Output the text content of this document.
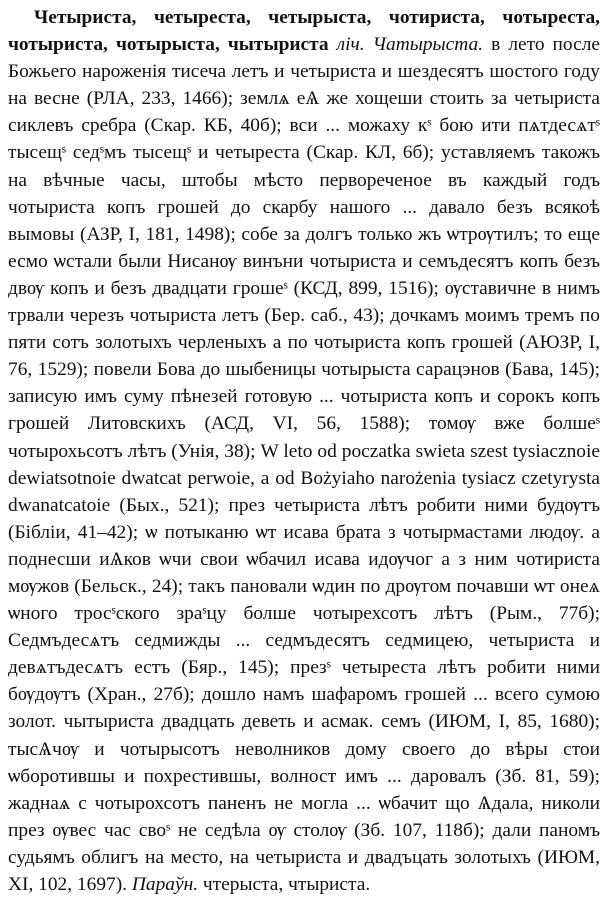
Четыриста, четыреста, четырыста, чотириста, чотыреста, чотыриста, чотырыста, чытыриста ліч. Чатырыста. в лето после Божьего нароженія тисеча летъ и четыриста и шездесятъ шостого году на весне (РЛА, 233, 1466); землѧ еѦ же хощеши стоить за четыриста сиклевъ сребра (Скар. КБ, 40б); вси ... можаху кˢ бою ити пѧтдесѧтˢ тысещˢ седˢмъ тысещˢ и четыреста (Скар. КЛ, 6б); уставляемъ такожъ на вѣчные часы, штобы мѣсто первореченое въ каждый годъ чотыриста копъ грошей до скарбу нашого ... давало безъ всякоѣ вымовы (АЗР, I, 181, 1498); собе за долгъ только жъ ѡтрѹтилъ; то еще есмо ѡстали были Нисанѹ винъни чотыриста и семъдесятъ копъ безъ двѹ копъ и безъ двадцати грошеˢ (КСД, 899, 1516); ѹставичне в нимъ трвали черезъ чотыриста летъ (Бер. саб., 43); дочкамъ моимъ тремъ по пяти сотъ золотыхъ черленыхъ а по чотыриста копъ грошей (АЮЗР, I, 76, 1529); повели Бова до шыбеницы чотырыста сарацэнов (Бава, 145); записую имъ суму пѣнезей готовую ... чотыриста копъ и сорокъ копъ грошей Литовскихъ (АСД, VI, 56, 1588); томѹ вже болшеˢ чотырохьсотъ лѣтъ (Унія, 38); W leto od poczatka swieta szest tysiacznoie dewiatsotnoie dwatcat perwoie, a od Bożyiaho narożenia tysiacz czetyrysta dwanatcatoie (Бых., 521); през четыриста лѣтъ робити ними будѹтъ (Бібліи, 41–42); ѡ потыканю ѡт исава брата з чотырмастами людѹ. а поднесши иѦков ѡчи свои ѡбачил исава идѹчог а з ним чотириста мѹжов (Бельск., 24); такъ пановали ѡдин по дрѹгом почавши ѡт онеѧ ѡного тросˢского зрaˢцу болше чотырехсотъ лѣтъ (Рым., 77б); Седмъдесѧтъ седмижды ... седмъдесятъ седмицею, четыриста и девѧтъдесѧтъ естъ (Бяр., 145); презˢ четыреста лѣтъ робити ними бѹдѹтъ (Хран., 27б); дошло намъ шафаромъ грошей ... всего сумою золот. чытыриста двадцать деветь и асмак. семъ (ИЮМ, I, 85, 1680); тысѦчѹ и чотырысотъ неволников дому своего до вѣры стои ѡборотившы и похрестившы, волност имъ ... даровалъ (Зб. 81, 59); жаднаѧ с чотырохсотъ паненъ не могла ... ѡбачит що Ѧдала, николи през ѹвес час своˢ не седѣла ѹ столѹ (Зб. 107, 118б); дали паномъ судьямъ облигъ на место, на четыриста и двадъцать золотыхъ (ИЮМ, XI, 102, 1697). Параўн. чтерыста, чтыриста.
